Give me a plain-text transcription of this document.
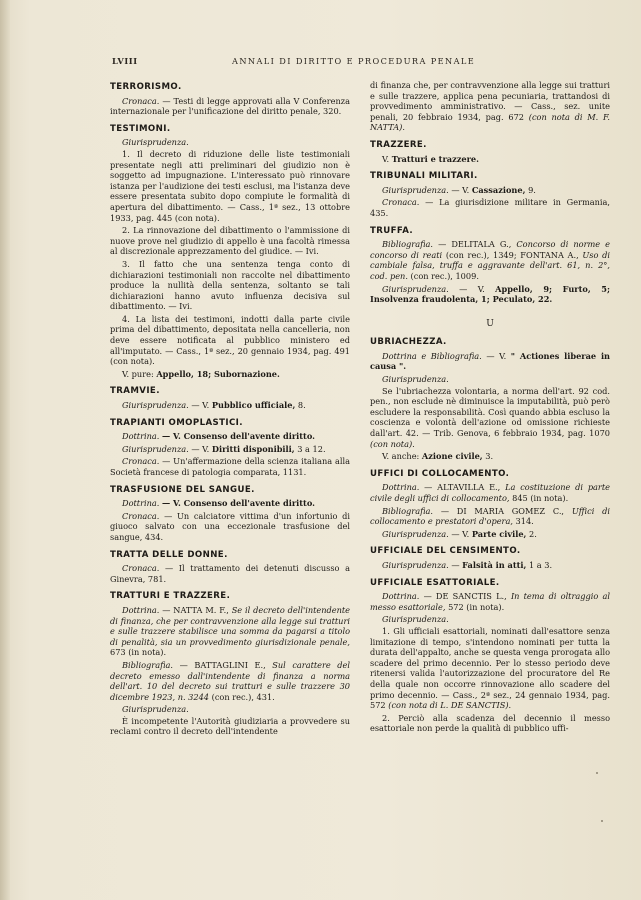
LVIII	ANNALI DI DIRITTO E PROCEDURA PENALE
TERRORISMO.

Cronaca. — Testi di legge approvati alla V Conferenza internazionale per l'unificazione del diritto penale, 320.

TESTIMONI.

Giurisprudenza.

1. Il decreto di riduzione delle liste testimoniali presentate negli atti preliminari del giudizio non è soggetto ad impugnazione. L'interessato può rinnovare istanza per l'audizione dei testi esclusi, ma l'istanza deve essere presentata subito dopo compiute le formalità di apertura del dibattimento. — Cass., 1ª sez., 13 ottobre 1933, pag. 445 (con nota).

2. La rinnovazione del dibattimento o l'ammissione di nuove prove nel giudizio di appello è una facoltà rimessa al discrezionale apprezzamento del giudice. — Ivi.

3. Il fatto che una sentenza tenga conto di dichiarazioni testimoniali non raccolte nel dibattimento produce la nullità della sentenza, soltanto se tali dichiarazioni hanno avuto influenza decisiva sul dibattimento. — Ivi.

4. La lista dei testimoni, indotti dalla parte civile prima del dibattimento, depositata nella cancelleria, non deve essere notificata al pubblico ministero ed all'imputato. — Cass., 1ª sez., 20 gennaio 1934, pag. 491 (con nota).

V. pure: Appello, 18; Subornazione.

TRAMVIE.

Giurisprudenza. — V. Pubblico ufficiale, 8.

TRAPIANTI OMOPLASTICI.

Dottrina. — V. Consenso dell'avente diritto.

Giurisprudenza. — V. Diritti disponibili, 3 a 12.

Cronaca. — Un'affermazione della scienza italiana alla Società francese di patologia comparata, 1131.

TRASFUSIONE DEL SANGUE.

Dottrina. — V. Consenso dell'avente diritto.

Cronaca. — Un calciatore vittima d'un infortunio di giuoco salvato con una eccezionale trasfusione del sangue, 434.

TRATTA DELLE DONNE.

Cronaca. — Il trattamento dei detenuti discusso a Ginevra, 781.

TRATTURI E TRAZZERE.

Dottrina. — NATTA M. F., Se il decreto dell'intendente di finanza, che per contravvenzione alla legge sui tratturi e sulle trazzere stabilisce una somma da pagarsi a titolo di penalità, sia un provvedimento giurisdizionale penale, 673 (in nota).

Bibliografia. — BATTAGLINI E., Sul carattere del decreto emesso dall'intendente di finanza a norma dell'art. 10 del decreto sui tratturi e sulle trazzere 30 dicembre 1923, n. 3244 (con rec.), 431.

Giurisprudenza.

È incompetente l'Autorità giudiziaria a provvedere su reclami contro il decreto dell'intendente

di finanza che, per contravvenzione alla legge sui tratturi e sulle trazzere, applica pena pecuniaria, trattandosi di provvedimento amministrativo. — Cass., sez. unite penali, 20 febbraio 1934, pag. 672 (con nota di M. F. NATTA).

TRAZZERE.

V. Tratturi e trazzere.

TRIBUNALI MILITARI.

Giurisprudenza. — V. Cassazione, 9.

Cronaca. — La giurisdizione militare in Germania, 435.

TRUFFA.

Bibliografia. — DELITALA G., Concorso di norme e concorso di reati (con rec.), 1349; FONTANA A., Uso di cambiale falsa, truffa e aggravante dell'art. 61, n. 2°, cod. pen. (con rec.), 1009.

Giurisprudenza. — V. Appello, 9; Furto, 5; Insolvenza fraudolenta, 1; Peculato, 22.

U
UBRIACHEZZA.

Dottrina e Bibliografia. — V. " Actiones liberae in causa ".

Giurisprudenza.

Se l'ubriachezza volontaria, a norma dell'art. 92 cod. pen., non esclude nè diminuisce la imputabilità, può però escludere la responsabilità. Così quando abbia escluso la coscienza e volontà dell'azione od omissione richieste dall'art. 42. — Trib. Genova, 6 febbraio 1934, pag. 1070 (con nota).

V. anche: Azione civile, 3.

UFFICI DI COLLOCAMENTO.

Dottrina. — ALTAVILLA E., La costituzione di parte civile degli uffici di collocamento, 845 (in nota).

Bibliografia. — DI MARIA GOMEZ C., Uffici di collocamento e prestatori d'opera, 314.

Giurisprudenza. — V. Parte civile, 2.

UFFICIALE DEL CENSIMENTO.

Giurisprudenza. — Falsità in atti, 1 a 3.

UFFICIALE ESATTORIALE.

Dottrina. — DE SANCTIS L., In tema di oltraggio al messo esattoriale, 572 (in nota).

Giurisprudenza.

1. Gli ufficiali esattoriali, nominati dall'esattore senza limitazione di tempo, s'intendono nominati per tutta la durata dell'appalto, anche se questa venga prorogata allo scadere del primo decennio. Per lo stesso periodo deve ritenersi valida l'autorizzazione del procuratore del Re della quale non occorre rinnovazione allo scadere del primo decennio. — Cass., 2ª sez., 24 gennaio 1934, pag. 572 (con nota di L. DE SANCTIS).

2. Perciò alla scadenza del decennio il messo esattoriale non perde la qualità di pubblico uffi-
